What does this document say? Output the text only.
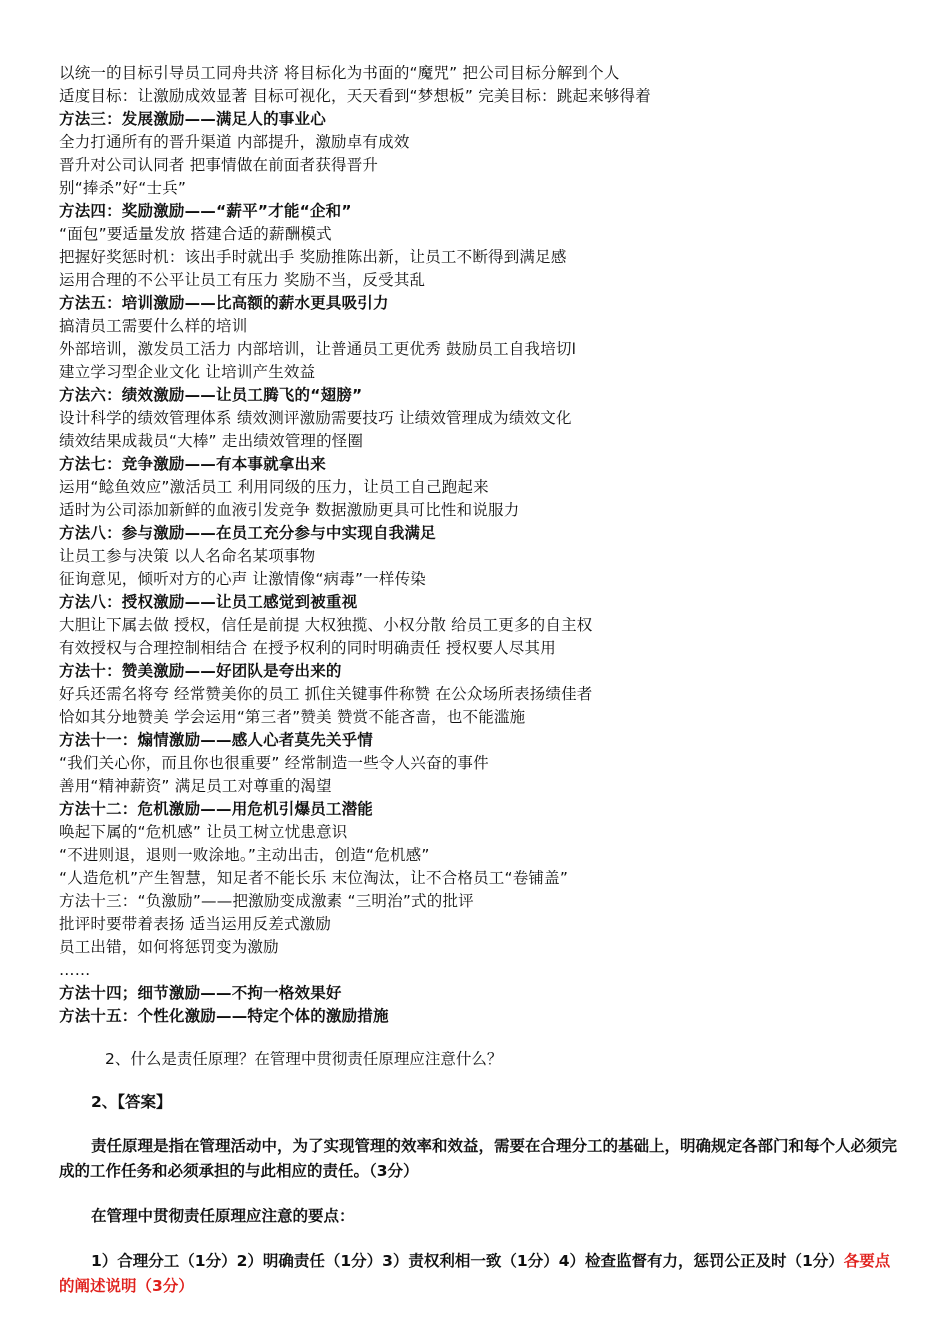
以统一的目标引导员工同舟共济 将目标化为书面的“魔咒” 把公司目标分解到个人
适度目标：让激励成效显著 目标可视化，天天看到“梦想板” 完美目标：跳起来够得着
方法三：发展激励——满足人的事业心
全力打通所有的晋升渠道 内部提升，激励卓有成效
晋升对公司认同者 把事情做在前面者获得晋升
别“捧杀”好“士兵”
方法四：奖励激励——“薪平”才能“企和”
“面包”要适量发放 搭建合适的薪酬模式
把握好奖惩时机：该出手时就出手 奖励推陈出新，让员工不断得到满足感
运用合理的不公平让员工有压力 奖励不当，反受其乱
方法五：培训激励——比高额的薪水更具吸引力
搞清员工需要什么样的培训
外部培训，激发员工活力 内部培训，让普通员工更优秀 鼓励员工自我培切l
建立学习型企业文化 让培训产生效益
方法六：绩效激励——让员工腾飞的“翅膀”
设计科学的绩效管理体系 绩效测评激励需要技巧 让绩效管理成为绩效文化
绩效结果成裁员“大棒” 走出绩效管理的怪圈
方法七：竞争激励——有本事就拿出来
运用“鲶鱼效应”激活员工 利用同级的压力，让员工自己跑起来
适时为公司添加新鲜的血液引发竞争 数据激励更具可比性和说服力
方法八：参与激励——在员工充分参与中实现自我满足
让员工参与决策 以人名命名某项事物
征询意见，倾听对方的心声 让激情像“病毒”一样传染
方法八：授权激励——让员工感觉到被重视
大胆让下属去做 授权，信任是前提 大权独揽、小权分散 给员工更多的自主权
有效授权与合理控制相结合 在授予权利的同时明确责任 授权要人尽其用
方法十：赞美激励——好团队是夸出来的
好兵还需名将夸 经常赞美你的员工 抓住关键事件称赞 在公众场所表扬绩佳者
恰如其分地赞美 学会运用“第三者”赞美 赞赏不能吝啬，也不能滥施
方法十一：煽情激励——感人心者莫先关乎情
“我们关心你，而且你也很重要” 经常制造一些令人兴奋的事件
善用“精神薪资” 满足员工对尊重的渴望
方法十二：危机激励——用危机引爆员工潜能
唤起下属的“危机感” 让员工树立忧患意识
“不进则退，退则一败涂地。”主动出击，创造“危机感”
“人造危机”产生智慧，知足者不能长乐 末位淘汰，让不合格员工“卷铺盖”
方法十三：“负激励”——把激励变成激素 “三明治”式的批评
批评时要带着表扬 适当运用反差式激励
员工出错，如何将惩罚变为激励
……
方法十四；细节激励——不拘一格效果好
方法十五：个性化激励——特定个体的激励措施
2、什么是责任原理？在管理中贯彻责任原理应注意什么？
2、【答案】
责任原理是指在管理活动中，为了实现管理的效率和效益，需要在合理分工的基础上，明确规定各部门和每个人必须完成的工作任务和必须承担的与此相应的责任。（3分）
在管理中贯彻责任原理应注意的要点：
1）合理分工（1分）2）明确责任（1分）3）责权利相一致（1分）4）检查监督有力，惩罚公正及时（1分）各要点的阐述说明（3分）
